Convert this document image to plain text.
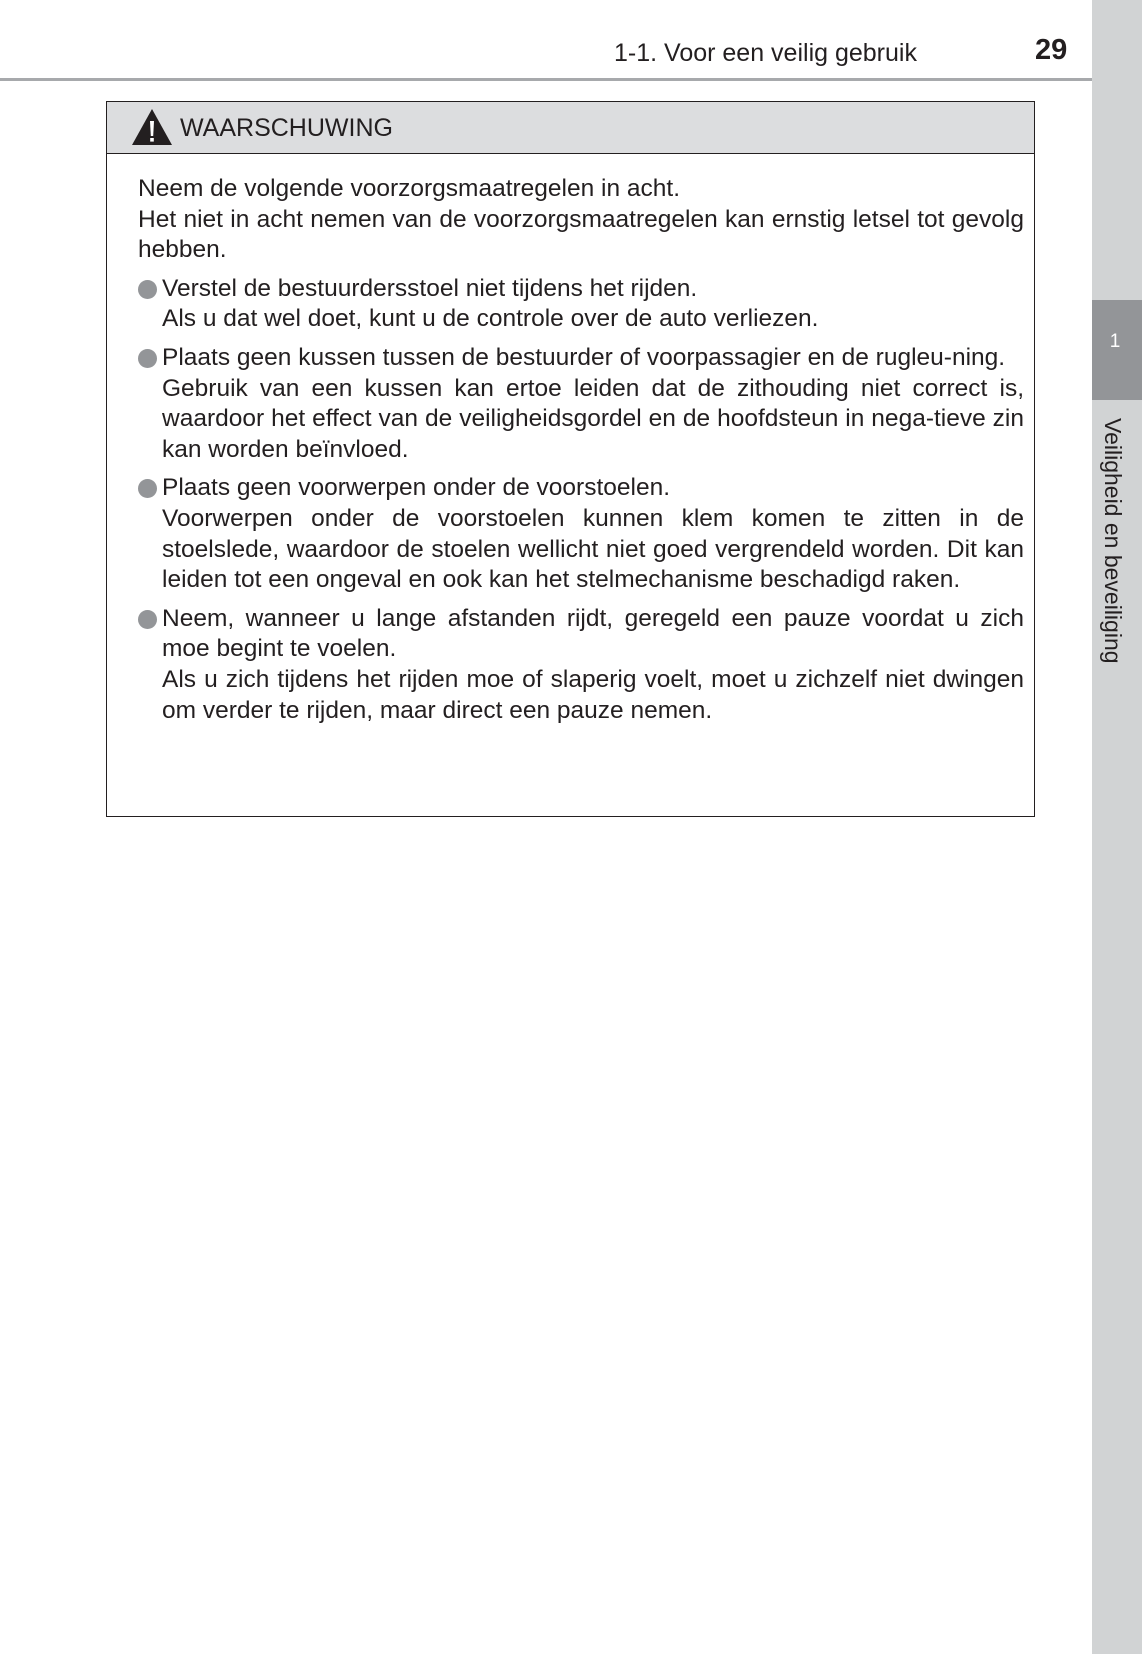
1-1. Voor een veilig gebruik	29
1
Veiligheid en beveiliging
WAARSCHUWING

Neem de volgende voorzorgsmaatregelen in acht.

Het niet in acht nemen van de voorzorgsmaatregelen kan ernstig letsel tot gevolg hebben.

Verstel de bestuurdersstoel niet tijdens het rijden.

Als u dat wel doet, kunt u de controle over de auto verliezen.

Plaats geen kussen tussen de bestuurder of voorpassagier en de rugleu-ning.

Gebruik van een kussen kan ertoe leiden dat de zithouding niet correct is, waardoor het effect van de veiligheidsgordel en de hoofdsteun in nega-tieve zin kan worden beïnvloed.

Plaats geen voorwerpen onder de voorstoelen.

Voorwerpen onder de voorstoelen kunnen klem komen te zitten in de stoelslede, waardoor de stoelen wellicht niet goed vergrendeld worden. Dit kan leiden tot een ongeval en ook kan het stelmechanisme beschadigd raken.

Neem, wanneer u lange afstanden rijdt, geregeld een pauze voordat u zich moe begint te voelen.

Als u zich tijdens het rijden moe of slaperig voelt, moet u zichzelf niet dwingen om verder te rijden, maar direct een pauze nemen.
